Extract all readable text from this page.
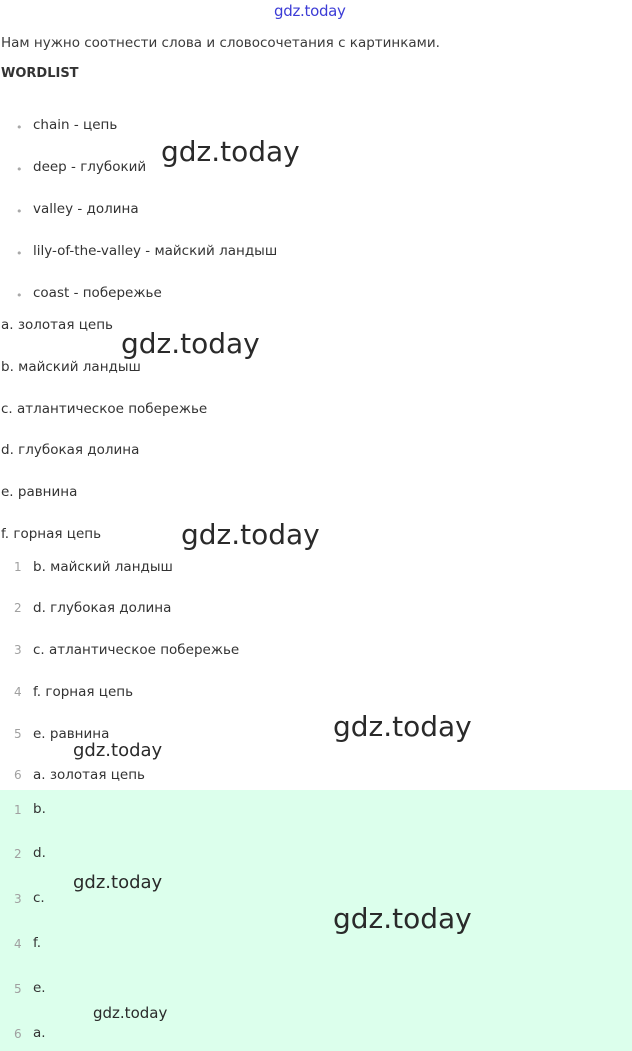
gdz.today
Нам нужно соотнести слова и словосочетания с картинками.
WORDLIST
• chain - цепь
• deep - глубокий
• valley - долина
• lily-of-the-valley - майский ландыш
• coast - побережье
a. золотая цепь
b. майский ландыш
c. атлантическое побережье
d. глубокая долина
e. равнина
f. горная цепь
1 b. майский ландыш
2 d. глубокая долина
3 c. атлантическое побережье
4 f. горная цепь
5 e. равнина
6 a. золотая цепь
1 b.
2 d.
3 c.
4 f.
5 e.
6 a.
gdz.today
gdz.today
gdz.today
gdz.today
gdz.today
gdz.today
gdz.today
gdz.today
